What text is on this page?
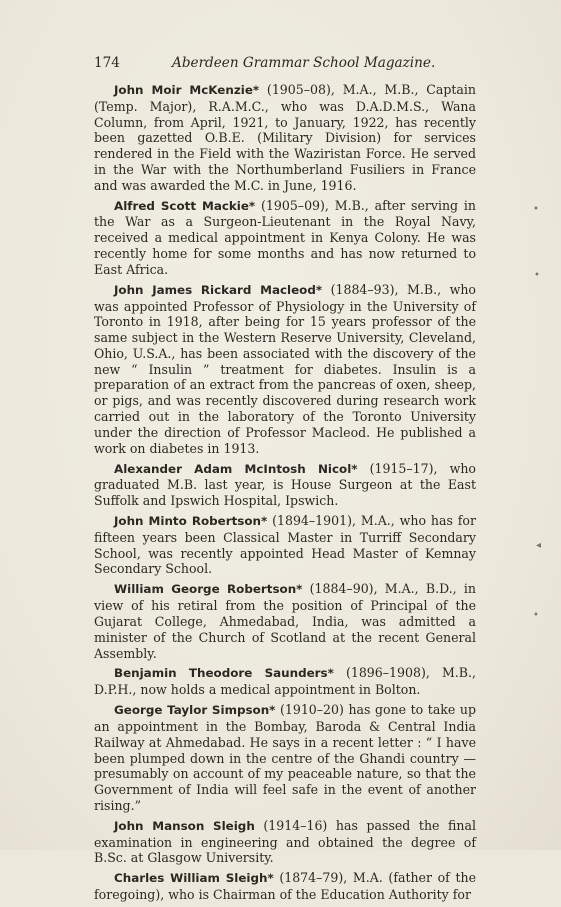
174	Aberdeen Grammar School Magazine.

John Moir McKenzie* (1905–08), M.A., M.B., Captain (Temp. Major), R.A.M.C., who was D.A.D.M.S., Wana Column, from April, 1921, to January, 1922, has recently been gazetted O.B.E. (Military Division) for services rendered in the Field with the Waziristan Force. He served in the War with the Northumberland Fusiliers in France and was awarded the M.C. in June, 1916.

Alfred Scott Mackie* (1905–09), M.B., after serving in the War as a Surgeon-Lieutenant in the Royal Navy, received a medical appointment in Kenya Colony. He was recently home for some months and has now returned to East Africa.

John James Rickard Macleod* (1884–93), M.B., who was appointed Professor of Physiology in the University of Toronto in 1918, after being for 15 years professor of the same subject in the Western Reserve University, Cleveland, Ohio, U.S.A., has been associated with the discovery of the new “ Insulin ” treatment for diabetes. Insulin is a preparation of an extract from the pancreas of oxen, sheep, or pigs, and was recently discovered during research work carried out in the laboratory of the Toronto University under the direction of Professor Macleod. He published a work on diabetes in 1913.

Alexander Adam McIntosh Nicol* (1915–17), who graduated M.B. last year, is House Surgeon at the East Suffolk and Ipswich Hospital, Ipswich.

John Minto Robertson* (1894–1901), M.A., who has for fifteen years been Classical Master in Turriff Secondary School, was recently appointed Head Master of Kemnay Secondary School.

William George Robertson* (1884–90), M.A., B.D., in view of his retiral from the position of Principal of the Gujarat College, Ahmedabad, India, was admitted a minister of the Church of Scotland at the recent General Assembly.

Benjamin Theodore Saunders* (1896–1908), M.B., D.P.H., now holds a medical appointment in Bolton.

George Taylor Simpson* (1910–20) has gone to take up an appointment in the Bombay, Baroda & Central India Railway at Ahmedabad. He says in a recent letter : “ I have been plumped down in the centre of the Ghandi country —presumably on account of my peaceable nature, so that the Government of India will feel safe in the event of another rising.”

John Manson Sleigh (1914–16) has passed the final examination in engineering and obtained the degree of B.Sc. at Glasgow University.

Charles William Sleigh* (1874–79), M.A. (father of the foregoing), who is Chairman of the Education Authority for

•
•
◂
•
